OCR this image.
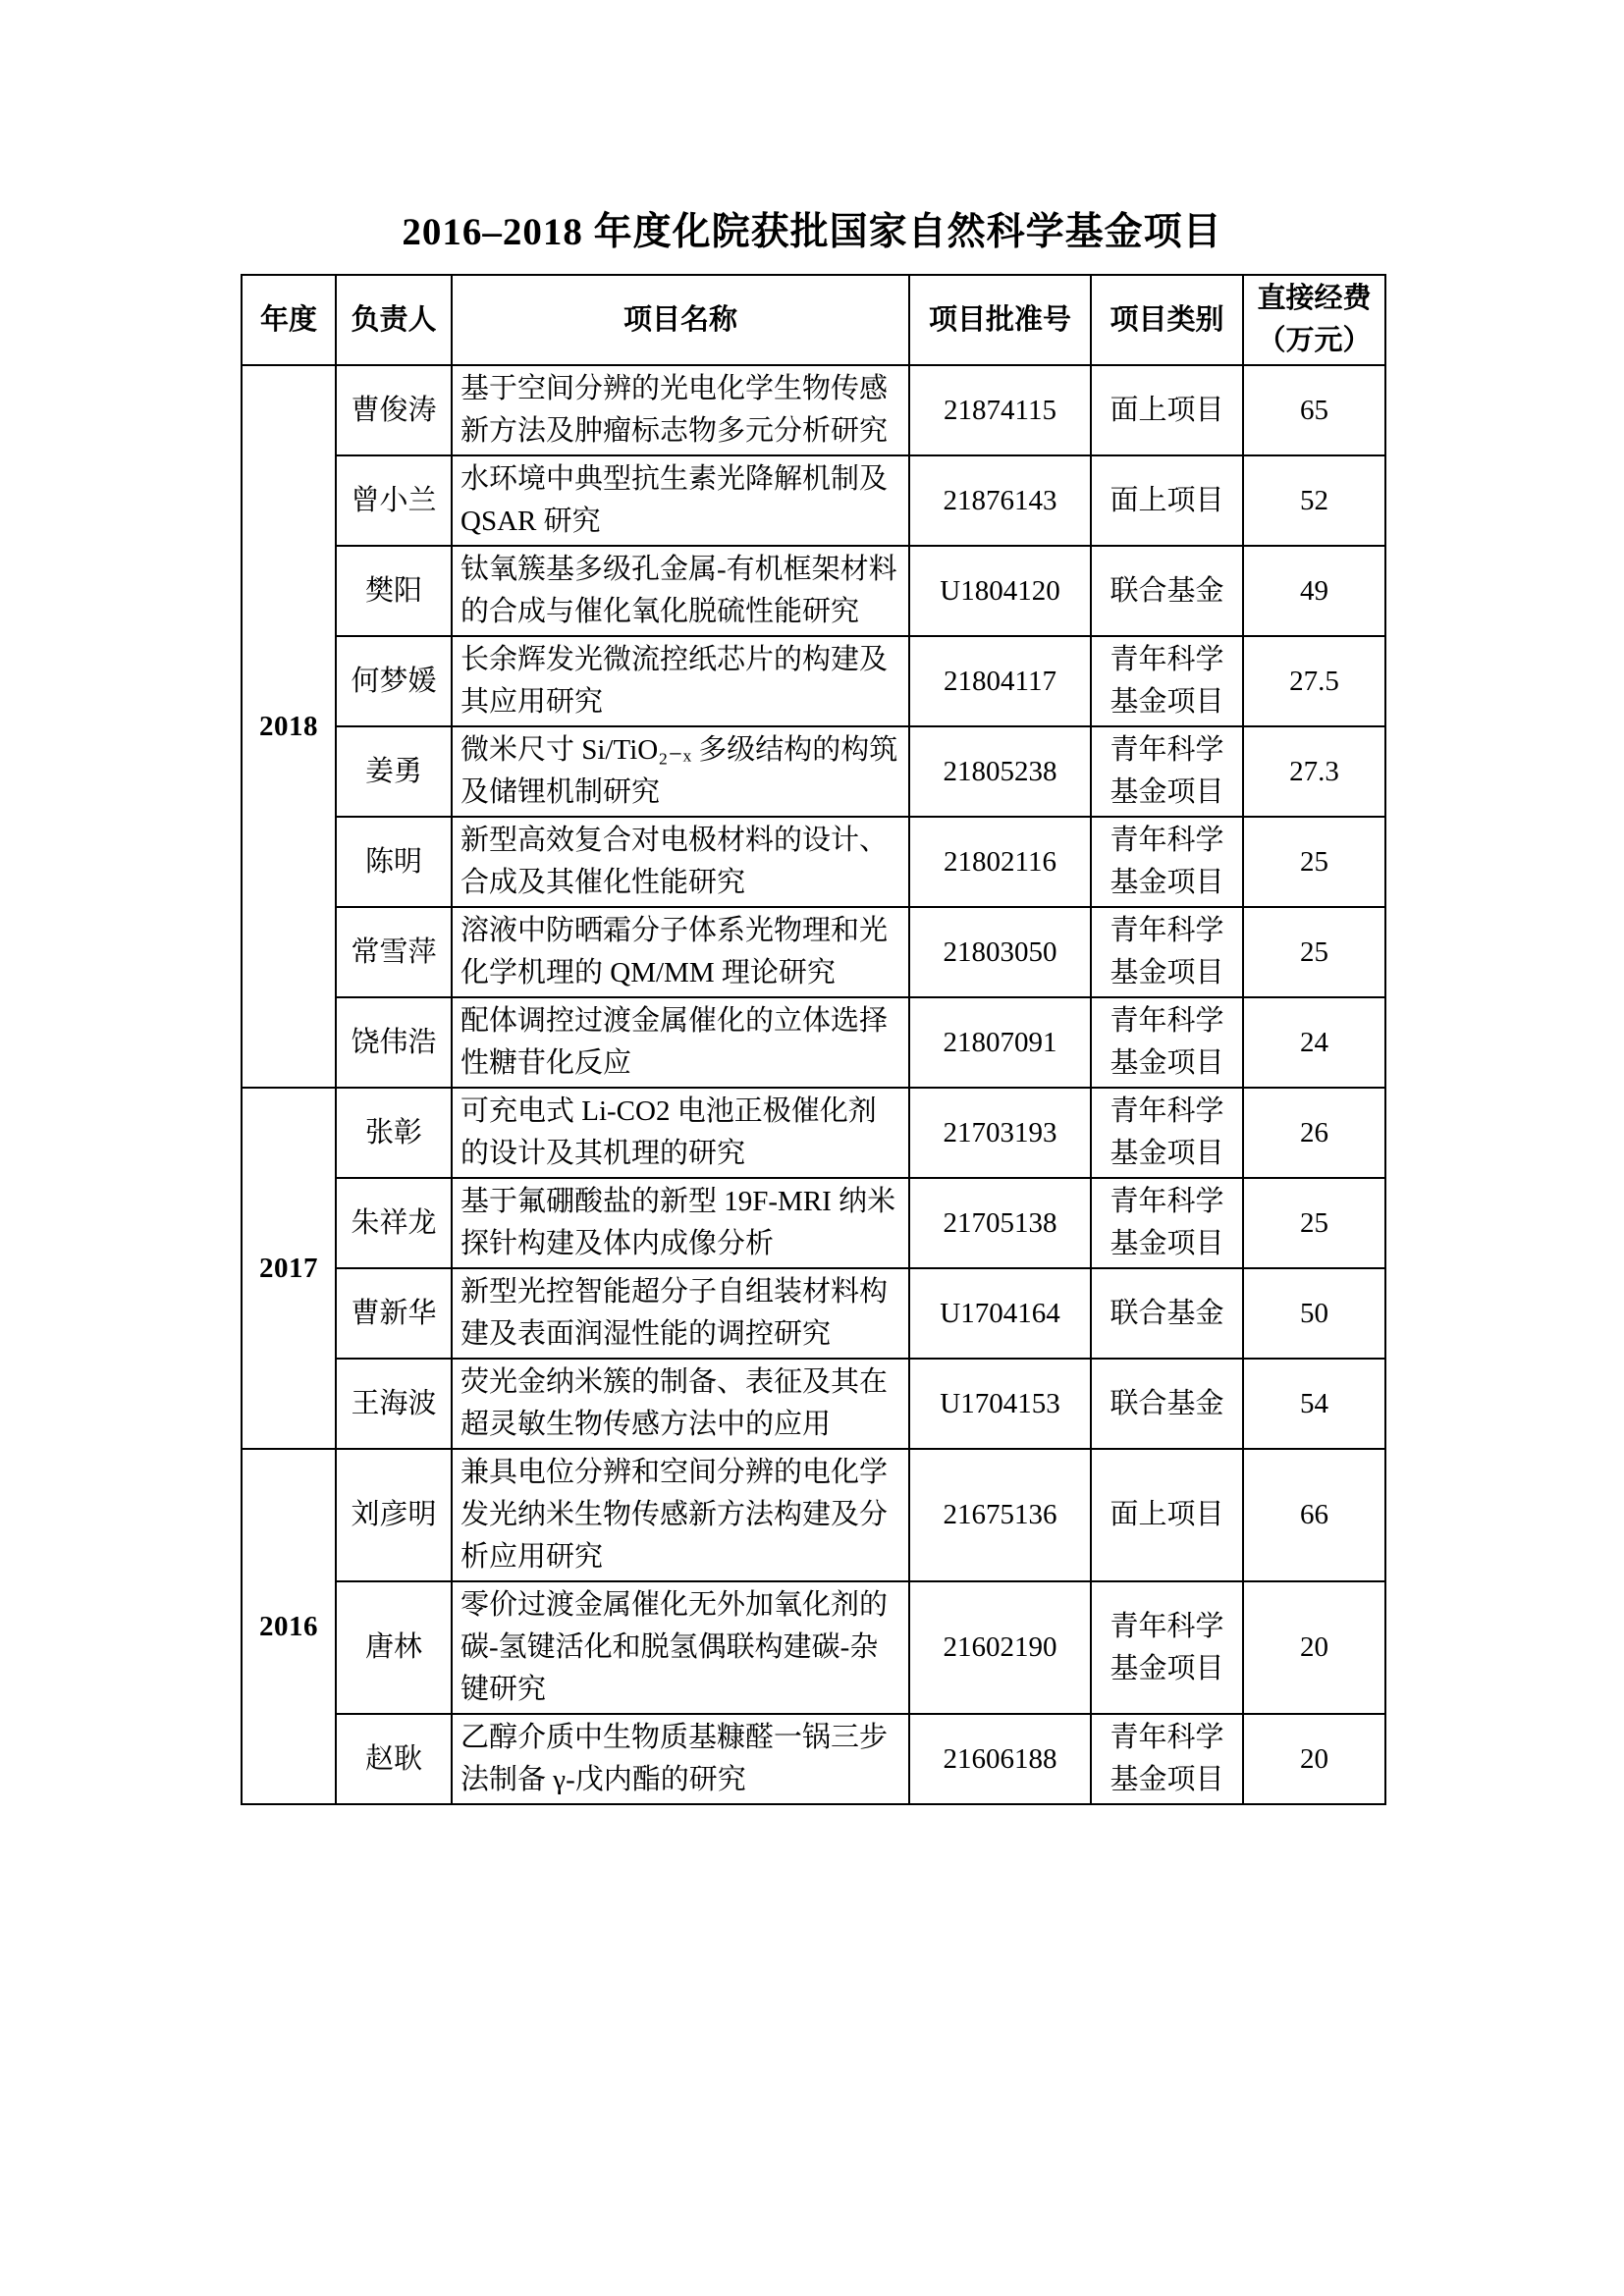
2016–2018 年度化院获批国家自然科学基金项目
年度	负责人	项目名称	项目批准号	项目类别	直接经费（万元）
2018	曹俊涛	基于空间分辨的光电化学生物传感新方法及肿瘤标志物多元分析研究	21874115	面上项目	65
	曾小兰	水环境中典型抗生素光降解机制及QSAR 研究	21876143	面上项目	52
	樊阳	钛氧簇基多级孔金属-有机框架材料的合成与催化氧化脱硫性能研究	U1804120	联合基金	49
	何梦媛	长余辉发光微流控纸芯片的构建及其应用研究	21804117	青年科学基金项目	27.5
	姜勇	微米尺寸 Si/TiO₂₋ₓ 多级结构的构筑及储锂机制研究	21805238	青年科学基金项目	27.3
	陈明	新型高效复合对电极材料的设计、合成及其催化性能研究	21802116	青年科学基金项目	25
	常雪萍	溶液中防晒霜分子体系光物理和光化学机理的 QM/MM 理论研究	21803050	青年科学基金项目	25
	饶伟浩	配体调控过渡金属催化的立体选择性糖苷化反应	21807091	青年科学基金项目	24
2017	张彰	可充电式 Li-CO2 电池正极催化剂的设计及其机理的研究	21703193	青年科学基金项目	26
	朱祥龙	基于氟硼酸盐的新型 19F-MRI 纳米探针构建及体内成像分析	21705138	青年科学基金项目	25
	曹新华	新型光控智能超分子自组装材料构建及表面润湿性能的调控研究	U1704164	联合基金	50
	王海波	荧光金纳米簇的制备、表征及其在超灵敏生物传感方法中的应用	U1704153	联合基金	54
2016	刘彦明	兼具电位分辨和空间分辨的电化学发光纳米生物传感新方法构建及分析应用研究	21675136	面上项目	66
	唐林	零价过渡金属催化无外加氧化剂的碳-氢键活化和脱氢偶联构建碳-杂键研究	21602190	青年科学基金项目	20
	赵耿	乙醇介质中生物质基糠醛一锅三步法制备 γ-戊内酯的研究	21606188	青年科学基金项目	20
